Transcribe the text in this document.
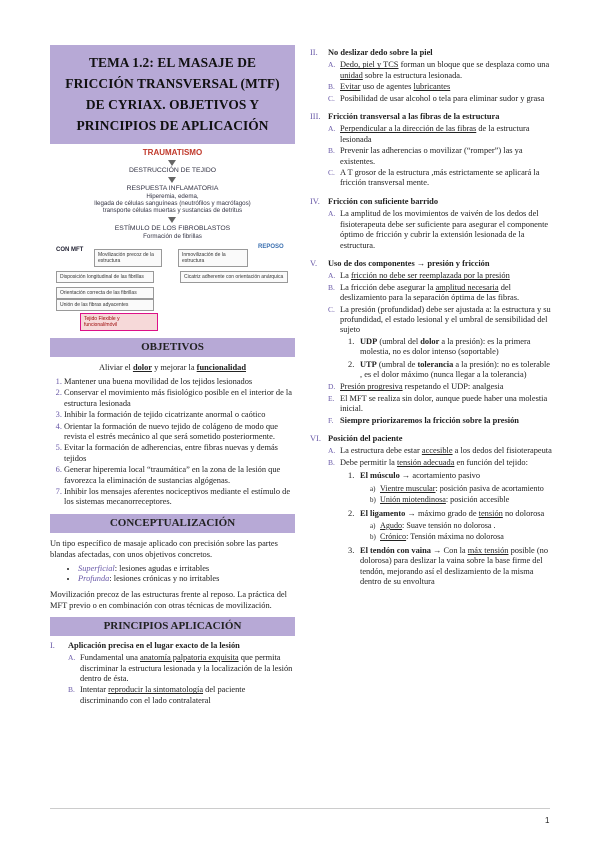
TEMA 1.2: EL MASAJE DE
FRICCIÓN TRANSVERSAL (MTF)
DE CYRIAX. OBJETIVOS Y
PRINCIPIOS DE APLICACIÓN
TRAUMATISMO
DESTRUCCIÓN DE TEJIDO
RESPUESTA INFLAMATORIA
Hiperemia, edema,
llegada de células sanguíneas (neutrófilos y macrófagos)
transporte células muertas y sustancias de detritus
ESTÍMULO DE LOS FIBROBLASTOS
Formación de fibrillas
CON MFT	REPOSO
Movilización precoz de la estructura
Inmovilización de la estructura
Disposición longitudinal de las fibrillas	Cicatriz adherente con orientación anárquica
Orientación correcta de las fibrillas
Unión de las fibras adyacentes
Tejido Flexible y funcional/móvil
OBJETIVOS

Aliviar el dolor y mejorar la funcionalidad

1. Mantener una buena movilidad de los tejidos lesionados
2. Conservar el movimiento más fisiológico posible en el interior de la estructura lesionada
3. Inhibir la formación de tejido cicatrizante anormal o caótico
4. Orientar la formación de nuevo tejido de colágeno de modo que revista el estrés mecánico al que será sometido posteriormente.
5. Evitar la formación de adherencias, entre fibras nuevas y demás tejidos
6. Generar hiperemia local “traumática” en la zona de la lesión que favorezca la eliminación de sustancias algógenas.
7. Inhibir los mensajes aferentes nociceptivos mediante el estímulo de los sistemas mecanorreceptores.
CONCEPTUALIZACIÓN

Un tipo específico de masaje aplicado con precisión sobre las partes blandas afectadas, con unos objetivos concretos.

• Superficial: lesiones agudas e irritables
• Profunda: lesiones crónicas y no irritables

Movilización precoz de las estructuras frente al reposo. La práctica del MFT previo o en combinación con otras técnicas de movilización.

PRINCIPIOS APLICACIÓN
I.	Aplicación precisa en el lugar exacto de la lesión
A. Fundamental una anatomía palpatoria exquisita que permita discriminar la estructura lesionada y la localización de la lesión dentro de ésta.
B. Intentar reproducir la sintomatología del paciente discriminando con el lado contralateral
II.	No deslizar dedo sobre la piel
A. Dedo, piel y TCS forman un bloque que se desplaza como una unidad sobre la estructura lesionada.
B. Evitar uso de agentes lubricantes
C. Posibilidad de usar alcohol o tela para eliminar sudor y grasa
III. Fricción transversal a las fibras de la estructura
A. Perpendicular a la dirección de las fibras de la estructura lesionada
B. Prevenir las adherencias o movilizar (“romper”) las ya existentes.
C. A T grosor de la estructura ,más estrictamente se aplicará la fricción transversal mente.
IV. Fricción con suficiente barrido
A. La amplitud de los movimientos de vaivén de los dedos del fisioterapeuta debe ser suficiente para asegurar el componente óptimo de fricción y cubrir la extensión lesionada de la estructura.
V.	Uso de dos componentes → presión y fricción
A. La fricción no debe ser reemplazada por la presión
B. La fricción debe asegurar la amplitud necesaria del deslizamiento para la separación óptima de las fibras.
C. La presión (profundidad) debe ser ajustada a: la estructura y su profundidad, el estado lesional y el umbral de sensibilidad del sujeto
1. UDP (umbral del dolor a la presión): es la primera molestia, no es dolor intenso (soportable)
2. UTP (umbral de tolerancia a la presión): no es tolerable , es el dolor máximo (nunca llegar a la tolerancia)
D. Presión progresiva respetando el UDP: analgesia
E. El MFT se realiza sin dolor, aunque puede haber una molestia inicial.
F. Siempre priorizaremos la fricción sobre la presión
VI. Posición del paciente
A. La estructura debe estar accesible a los dedos del fisioterapeuta
B. Debe permitir la tensión adecuada en función del tejido:
1. El músculo → acortamiento pasivo
a) Vientre muscular: posición pasiva de acortamiento
b) Unión miotendinosa: posición accesible
2. El ligamento → máximo grado de tensión no dolorosa
a) Agudo: Suave tensión no dolorosa .
b) Crónico: Tensión máxima no dolorosa
3. El tendón con vaina → Con la máx tensión posible (no dolorosa) para deslizar la vaina sobre la base firme del tendón, mejorando así el deslizamiento de la misma dentro de su envoltura
1
